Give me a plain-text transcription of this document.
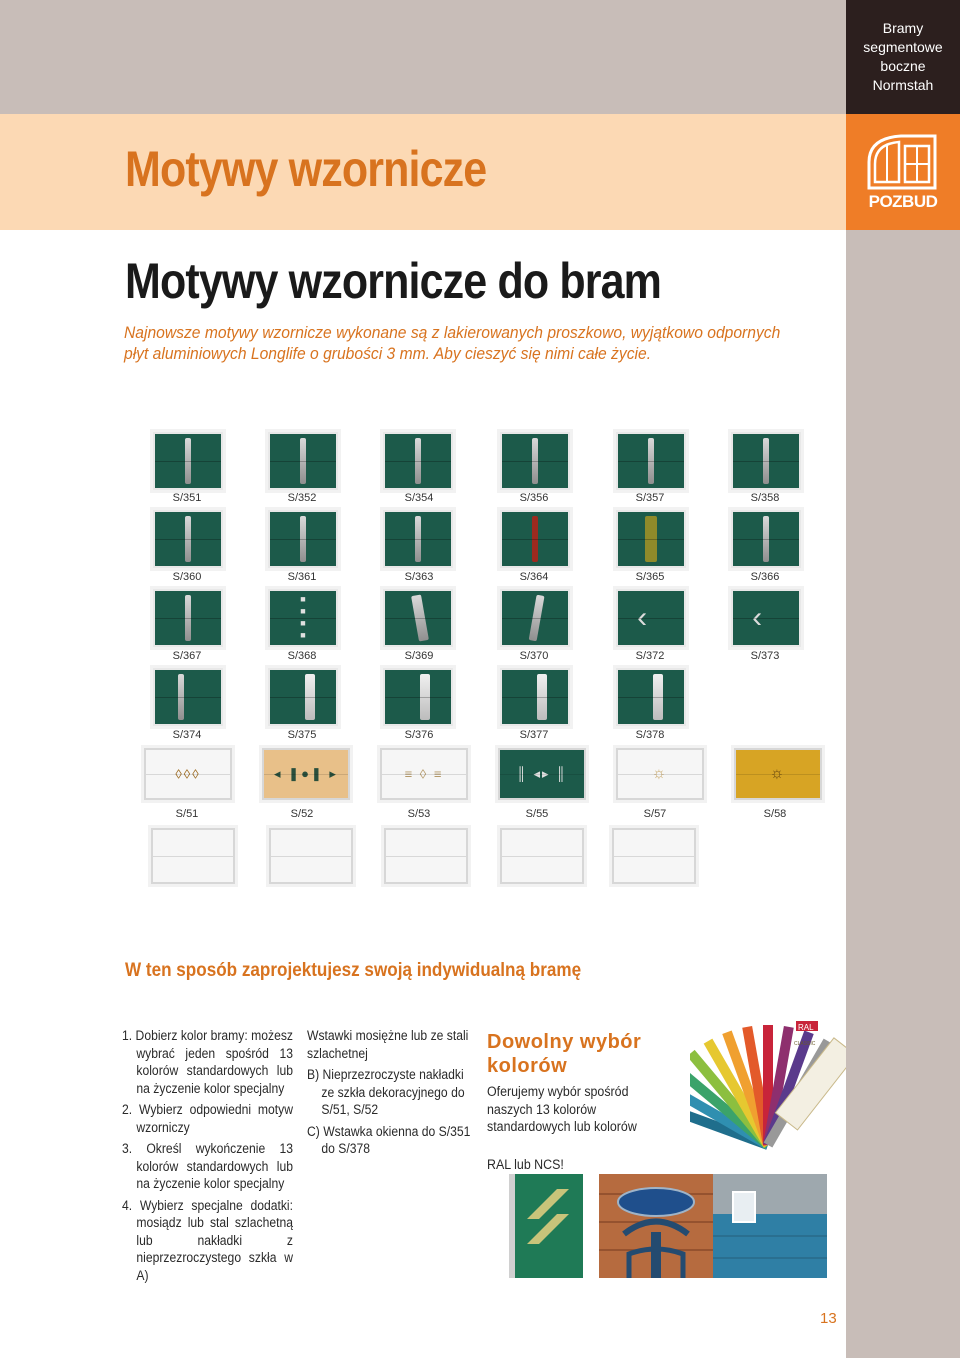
Bramy
segmentowe
boczne
Normstah
POZBUD
Motywy wzornicze
Motywy wzornicze do bram
Najnowsze motywy wzornicze wykonane są z lakierowanych proszkowo, wyjątkowo odpornych płyt aluminiowych Longlife o grubości 3 mm. Aby cieszyć się nimi całe życie.
S/351	S/352	S/354	S/356	S/357	S/358
S/360	S/361	S/363	S/364	S/365	S/366
■■■■	‹	‹
S/367	S/368	S/369	S/370	S/372	S/373
S/374	S/375	S/376	S/377	S/378
◊◊◊	◂ ❚●❚ ▸	≡ ◊ ≡	║ ◂▸ ║	☼	☼
S/51	S/52	S/53	S/55	S/57	S/58
W ten sposób zaprojektujesz swoją indywidualną bramę

1. Dobierz kolor bramy: możesz wybrać jeden spośród 13 kolorów standardowych lub na życzenie kolor specjalny

2. Wybierz odpowiedni motyw wzorniczy

3. Określ wykończenie 13 kolorów standardowych lub na życzenie kolor specjalny

4. Wybierz specjalne dodatki: mosiądz lub stal szlachetną lub nakładki z nieprzezroczystego szkła w A)

Wstawki mosiężne lub ze stali szlachetnej

B) Nieprzezroczyste nakładki ze szkła dekoracyjnego do S/51, S/52

C) Wstawka okienna do S/351 do S/378

Dowolny wybór kolorów
Oferujemy wybór spośród naszych 13 kolorów standardowych lub kolorów
RAL lub NCS!
RAL
CLASSIC
13
